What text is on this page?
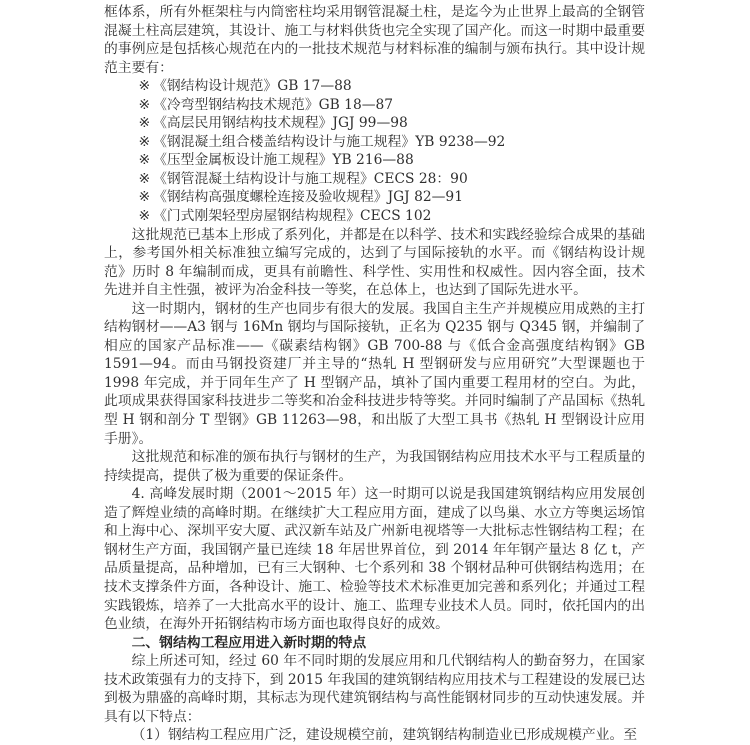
框体系，所有外框架柱与内筒密柱均采用钢管混凝土柱，是迄今为止世界上最高的全钢管混凝土柱高层建筑，其设计、施工与材料供货也完全实现了国产化。而这一时期中最重要的事例应是包括核心规范在内的一批技术规范与材料标准的编制与颁布执行。其中设计规范主要有：

※ 《钢结构设计规范》GB 17—88

※ 《冷弯型钢结构技术规范》GB 18—87

※ 《高层民用钢结构技术规程》JGJ 99—98

※ 《钢混凝土组合楼盖结构设计与施工规程》YB 9238—92

※ 《压型金属板设计施工规程》YB 216—88

※ 《钢管混凝土结构设计与施工规程》CECS 28：90

※ 《钢结构高强度螺栓连接及验收规程》JGJ 82—91

※ 《门式刚架轻型房屋钢结构规程》CECS 102

这批规范已基本上形成了系列化，并都是在以科学、技术和实践经验综合成果的基础上，参考国外相关标准独立编写完成的，达到了与国际接轨的水平。而《钢结构设计规范》历时 8 年编制而成，更具有前瞻性、科学性、实用性和权威性。因内容全面，技术先进并自主性强，被评为冶金科技一等奖，在总体上，也达到了国际先进水平。

这一时期内，钢材的生产也同步有很大的发展。我国自主生产并规模应用成熟的主打结构钢材——A3 钢与 16Mn 钢均与国际接轨，正名为 Q235 钢与 Q345 钢，并编制了相应的国家产品标准——《碳素结构钢》GB 700-88 与《低合金高强度结构钢》GB 1591—94。而由马钢投资建厂并主导的“热轧 H 型钢研发与应用研究”大型课题也于 1998 年完成，并于同年生产了 H 型钢产品，填补了国内重要工程用材的空白。为此，此项成果获得国家科技进步二等奖和冶金科技进步特等奖。并同时编制了产品国标《热轧型 H 钢和剖分 T 型钢》GB 11263—98，和出版了大型工具书《热轧 H 型钢设计应用手册》。

这批规范和标准的颁布执行与钢材的生产，为我国钢结构应用技术水平与工程质量的持续提高，提供了极为重要的保证条件。

4. 高峰发展时期（2001～2015 年）这一时期可以说是我国建筑钢结构应用发展创造了辉煌业绩的高峰时期。在继续扩大工程应用方面，建成了以鸟巢、水立方等奥运场馆和上海中心、深圳平安大厦、武汉新车站及广州新电视塔等一大批标志性钢结构工程；在钢材生产方面，我国钢产量已连续 18 年居世界首位，到 2014 年年钢产量达 8 亿 t，产品质量提高，品种增加，已有三大钢种、七个系列和 38 个钢材品种可供钢结构选用；在技术支撑条件方面，各种设计、施工、检验等技术术标准更加完善和系列化；并通过工程实践锻炼，培养了一大批高水平的设计、施工、监理专业技术人员。同时，依托国内的出色业绩，在海外开拓钢结构市场方面也取得良好的成效。

二、钢结构工程应用进入新时期的特点

综上所述可知，经过 60 年不同时期的发展应用和几代钢结构人的勤奋努力，在国家技术政策强有力的支持下，到 2015 年我国的建筑钢结构应用技术与工程建设的发展已达到极为鼎盛的高峰时期，其标志为现代建筑钢结构与高性能钢材同步的互动快速发展。并具有以下特点：

（1）钢结构工程应用广泛，建设规模空前，建筑钢结构制造业已形成规模产业。至
